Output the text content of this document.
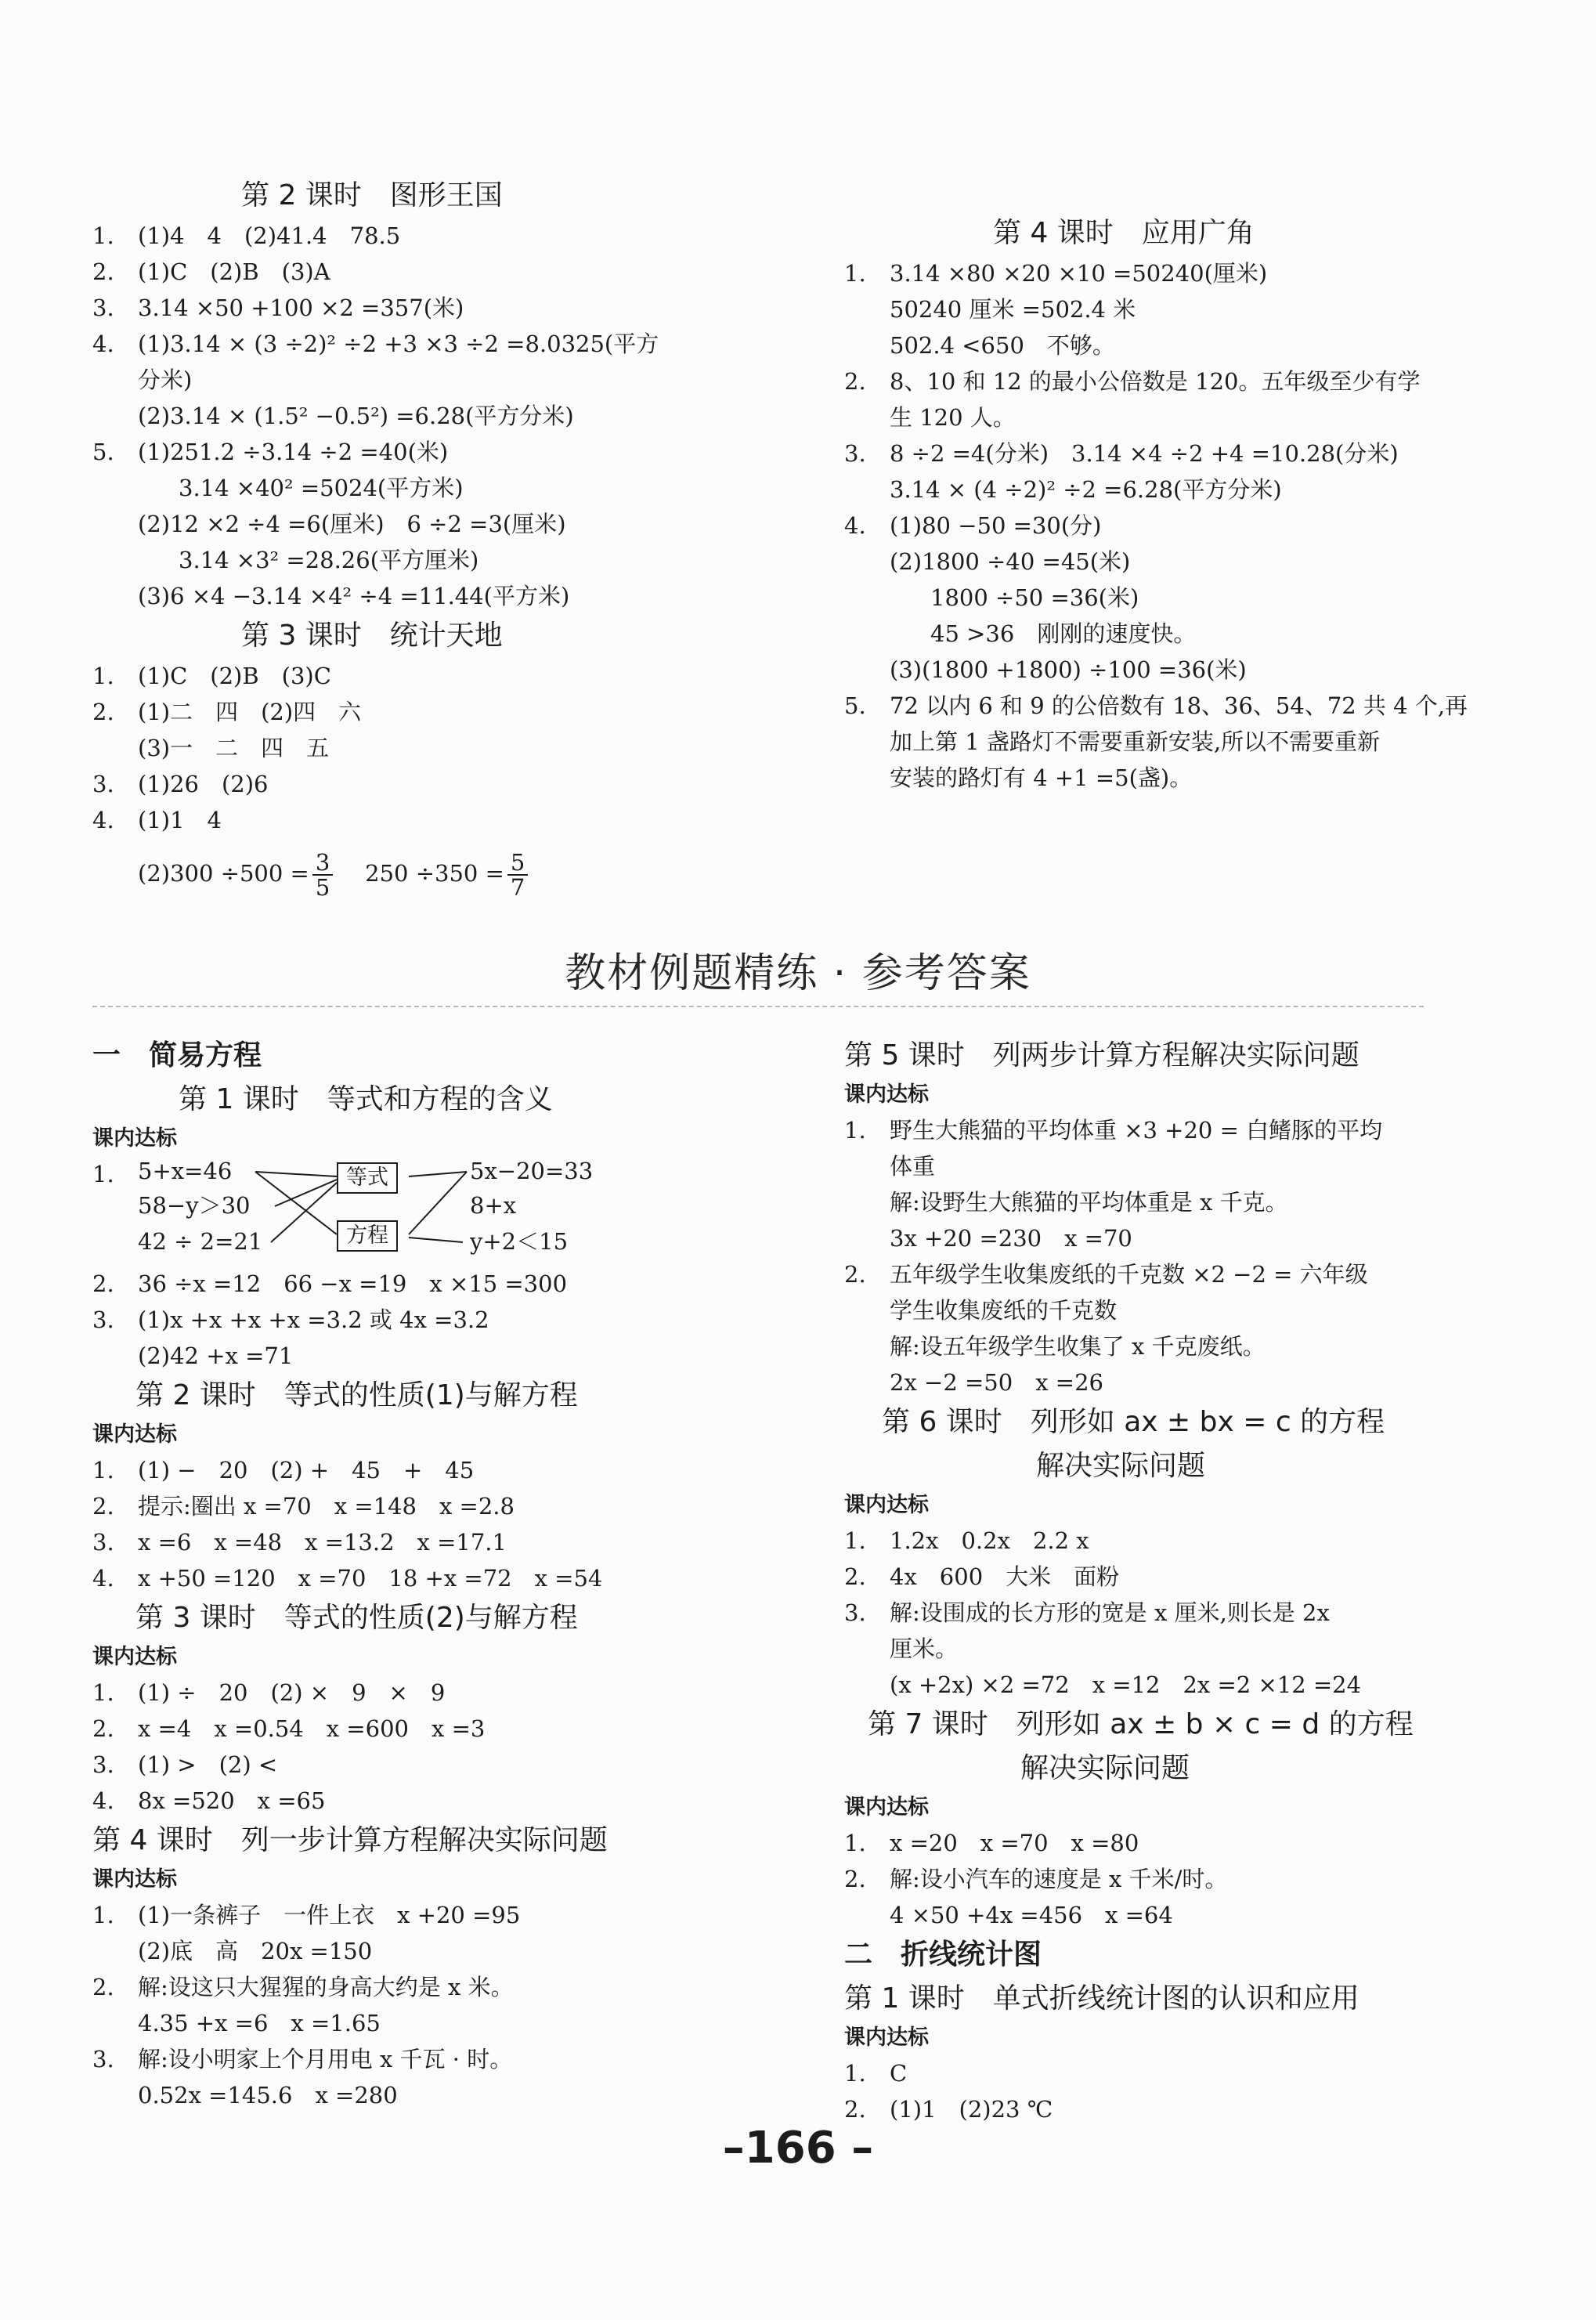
第 2 课时　图形王国
1. (1)4　4　(2)41.4　78.5
2. (1)C　(2)B　(3)A
3. 3.14 ×50 +100 ×2 =357(米)
4. (1)3.14 × (3 ÷2)² ÷2 +3 ×3 ÷2 =8.0325(平方
分米)
(2)3.14 × (1.5² −0.5²) =6.28(平方分米)
5. (1)251.2 ÷3.14 ÷2 =40(米)
3.14 ×40² =5024(平方米)
(2)12 ×2 ÷4 =6(厘米)　6 ÷2 =3(厘米)
3.14 ×3² =28.26(平方厘米)
(3)6 ×4 −3.14 ×4² ÷4 =11.44(平方米)
第 3 课时　统计天地
1. (1)C　(2)B　(3)C
2. (1)二　四　(2)四　六
(3)一　二　四　五
3. (1)26　(2)6
4. (1)1　4
$(2)300 \div 500 = \frac{3}{5} 250 \div 350 = \frac{5}{7}$
第 4 课时　应用广角
1. 3.14 ×80 ×20 ×10 =50240(厘米)
50240 厘米 =502.4 米
502.4 <650　不够。
2. 8、10 和 12 的最小公倍数是 120。五年级至少有学
生 120 人。
3. 8 ÷2 =4(分米)　3.14 ×4 ÷2 +4 =10.28(分米)
3.14 × (4 ÷2)² ÷2 =6.28(平方分米)
4. (1)80 −50 =30(分)
(2)1800 ÷40 =45(米)
1800 ÷50 =36(米)
45 >36　刚刚的速度快。
(3)(1800 +1800) ÷100 =36(米)
5. 72 以内 6 和 9 的公倍数有 18、36、54、72 共 4 个,再
加上第 1 盏路灯不需要重新安装,所以不需要重新
安装的路灯有 4 +1 =5(盏)。
教材例题精练 · 参考答案
一　简易方程
第 1 课时　等式和方程的含义
课内达标
1.	5+x=46
58−y＞30
42 ÷ 2=21
等式
方程
5x−20=33
8+x
y+2＜15
2. 36 ÷x =12　66 −x =19　x ×15 =300
3. (1)x +x +x +x =3.2 或 4x =3.2
(2)42 +x =71
第 2 课时　等式的性质(1)与解方程
课内达标
1. (1) −　20　(2) +　45　+　45
2. 提示:圈出 x =70　x =148　x =2.8
3. x =6　x =48　x =13.2　x =17.1
4. x +50 =120　x =70　18 +x =72　x =54
第 3 课时　等式的性质(2)与解方程
课内达标
1. (1) ÷　20　(2) ×　9　×　9
2. x =4　x =0.54　x =600　x =3
3. (1) >　(2) <
4. 8x =520　x =65
第 4 课时　列一步计算方程解决实际问题
课内达标
1. (1)一条裤子　一件上衣　x +20 =95
(2)底　高　20x =150
2. 解:设这只大猩猩的身高大约是 x 米。
4.35 +x =6　x =1.65
3. 解:设小明家上个月用电 x 千瓦 · 时。
0.52x =145.6　x =280
第 5 课时　列两步计算方程解决实际问题
课内达标
1. 野生大熊猫的平均体重 ×3 +20 = 白鳍豚的平均
体重
解:设野生大熊猫的平均体重是 x 千克。
3x +20 =230　x =70
2. 五年级学生收集废纸的千克数 ×2 −2 = 六年级
学生收集废纸的千克数
解:设五年级学生收集了 x 千克废纸。
2x −2 =50　x =26
第 6 课时　列形如 ax ± bx = c 的方程
解决实际问题
课内达标
1. 1.2x　0.2x　2.2 x
2. 4x　600　大米　面粉
3. 解:设围成的长方形的宽是 x 厘米,则长是 2x
厘米。
(x +2x) ×2 =72　x =12　2x =2 ×12 =24
第 7 课时　列形如 ax ± b × c = d 的方程
解决实际问题
课内达标
1. x =20　x =70　x =80
2. 解:设小汽车的速度是 x 千米/时。
4 ×50 +4x =456　x =64
二　折线统计图
第 1 课时　单式折线统计图的认识和应用
课内达标
1. C
2. (1)1　(2)23 ℃
–166 –
